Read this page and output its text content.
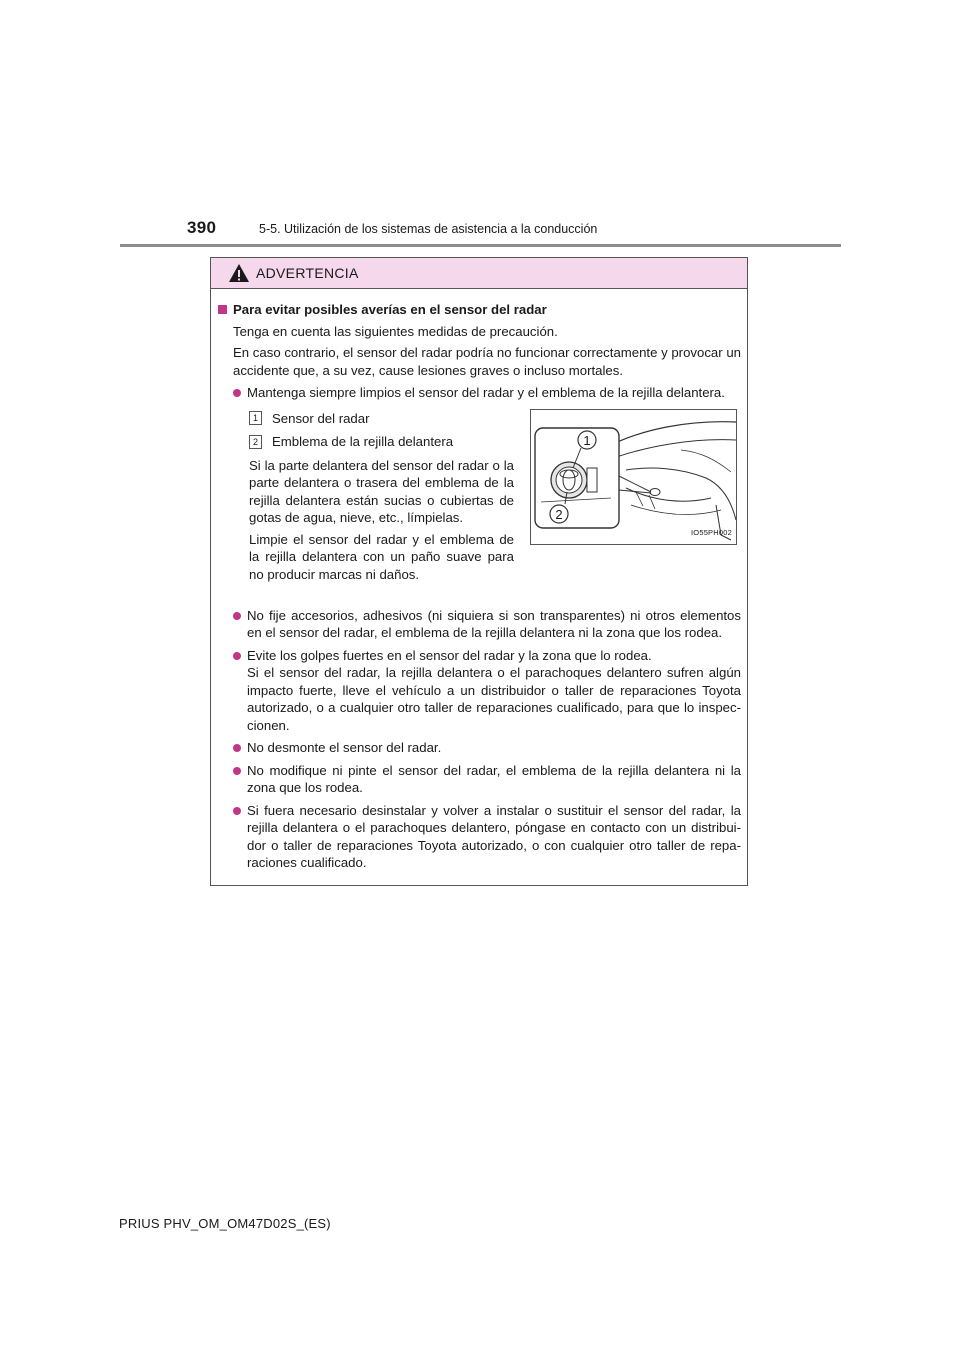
390	5-5. Utilización de los sistemas de asistencia a la conducción
ADVERTENCIA
Para evitar posibles averías en el sensor del radar
Tenga en cuenta las siguientes medidas de precaución.
En caso contrario, el sensor del radar podría no funcionar correctamente y provocar un accidente que, a su vez, cause lesiones graves o incluso mortales.
Mantenga siempre limpios el sensor del radar y el emblema de la rejilla delantera.
1	Sensor del radar
2	Emblema de la rejilla delantera
Si la parte delantera del sensor del radar o la parte delantera o trasera del emblema de la rejilla delantera están sucias o cubiertas de gotas de agua, nieve, etc., límpielas.
Limpie el sensor del radar y el emblema de la rejilla delantera con un paño suave para no producir marcas ni daños.
1
2
IO55PH002
No fije accesorios, adhesivos (ni siquiera si son transparentes) ni otros elementos en el sensor del radar, el emblema de la rejilla delantera ni la zona que los rodea.
Evite los golpes fuertes en el sensor del radar y la zona que lo rodea.
Si el sensor del radar, la rejilla delantera o el parachoques delantero sufren algún impacto fuerte, lleve el vehículo a un distribuidor o taller de reparaciones Toyota autorizado, o a cualquier otro taller de reparaciones cualificado, para que lo inspec-cionen.
No desmonte el sensor del radar.
No modifique ni pinte el sensor del radar, el emblema de la rejilla delantera ni la zona que los rodea.
Si fuera necesario desinstalar y volver a instalar o sustituir el sensor del radar, la rejilla delantera o el parachoques delantero, póngase en contacto con un distribui-dor o taller de reparaciones Toyota autorizado, o con cualquier otro taller de repa-raciones cualificado.
PRIUS PHV_OM_OM47D02S_(ES)
